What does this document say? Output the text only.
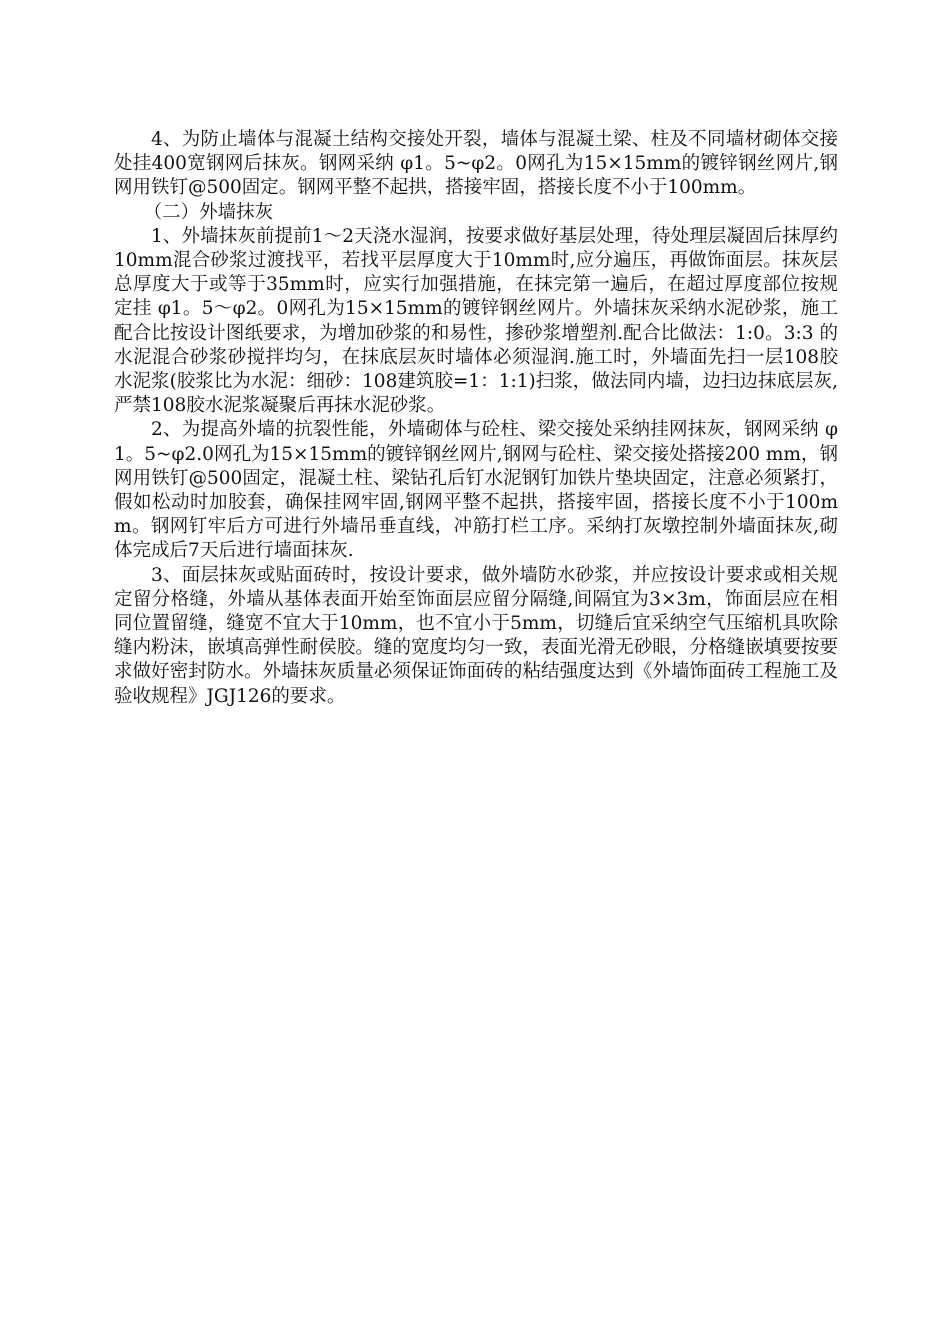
4、为防止墙体与混凝土结构交接处开裂，墙体与混凝土梁、柱及不同墙材砌体交接处挂400宽钢网后抹灰。钢网采纳 φ1。5~φ2。0网孔为15×15mm的镀锌钢丝网片,钢网用铁钉@500固定。钢网平整不起拱，搭接牢固，搭接长度不小于100mm。

（二）外墙抹灰

1、外墙抹灰前提前1～2天浇水湿润，按要求做好基层处理，待处理层凝固后抹厚约10mm混合砂浆过渡找平，若找平层厚度大于10mm时,应分遍压，再做饰面层。抹灰层总厚度大于或等于35mm时，应实行加强措施，在抹完第一遍后，在超过厚度部位按规定挂 φ1。5～φ2。0网孔为15×15mm的镀锌钢丝网片。外墙抹灰采纳水泥砂浆，施工配合比按设计图纸要求，为增加砂浆的和易性，掺砂浆增塑剂.配合比做法：1:0。3:3 的水泥混合砂浆砂搅拌均匀，在抹底层灰时墙体必须湿润.施工时，外墙面先扫一层108胶水泥浆(胶浆比为水泥：细砂：108建筑胶=1：1:1)扫浆，做法同内墙，边扫边抹底层灰,严禁108胶水泥浆凝聚后再抹水泥砂浆。

2、为提高外墙的抗裂性能，外墙砌体与砼柱、梁交接处采纳挂网抹灰，钢网采纳 φ1。5~φ2.0网孔为15×15mm的镀锌钢丝网片,钢网与砼柱、梁交接处搭接200 mm，钢网用铁钉@500固定，混凝土柱、梁钻孔后钉水泥钢钉加铁片垫块固定，注意必须紧打，假如松动时加胶套，确保挂网牢固,钢网平整不起拱，搭接牢固，搭接长度不小于100mm。钢网钉牢后方可进行外墙吊垂直线，冲筋打栏工序。采纳打灰墩控制外墙面抹灰,砌体完成后7天后进行墙面抹灰.

3、面层抹灰或贴面砖时，按设计要求，做外墙防水砂浆，并应按设计要求或相关规定留分格缝，外墙从基体表面开始至饰面层应留分隔缝,间隔宜为3×3m，饰面层应在相同位置留缝，缝宽不宜大于10mm，也不宜小于5mm，切缝后宜采纳空气压缩机具吹除缝内粉沫，嵌填高弹性耐侯胶。缝的宽度均匀一致，表面光滑无砂眼，分格缝嵌填要按要求做好密封防水。外墙抹灰质量必须保证饰面砖的粘结强度达到《外墙饰面砖工程施工及验收规程》JGJ126的要求。
